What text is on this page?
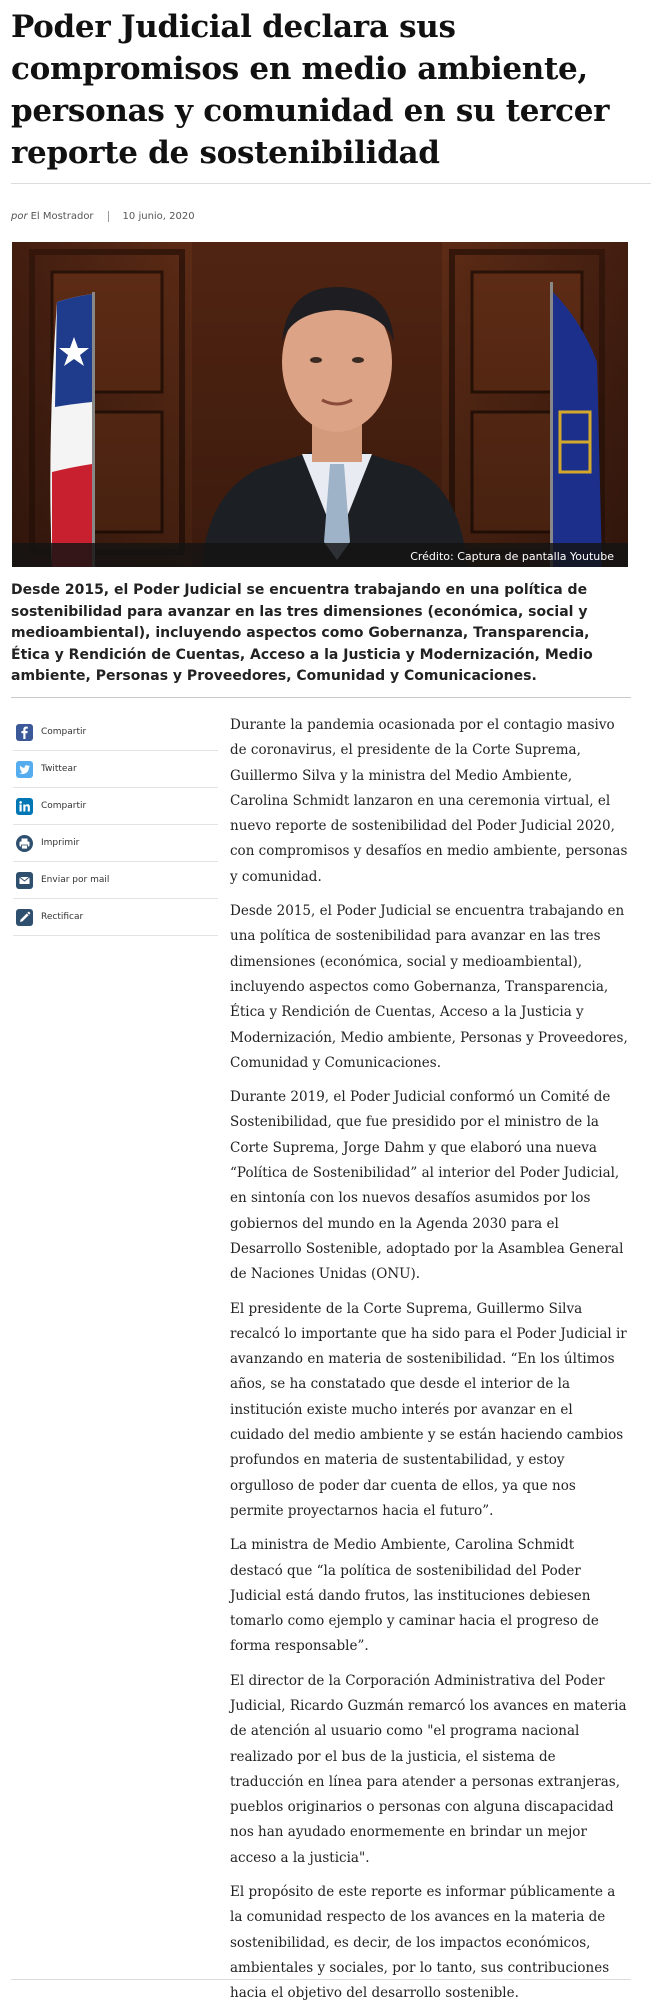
Poder Judicial declara sus compromisos en medio ambiente, personas y comunidad en su tercer reporte de sostenibilidad
por El Mostrador	10 junio, 2020
Crédito: Captura de pantalla Youtube

Desde 2015, el Poder Judicial se encuentra trabajando en una política de sostenibilidad para avanzar en las tres dimensiones (económica, social y medioambiental), incluyendo aspectos como Gobernanza, Transparencia, Ética y Rendición de Cuentas, Acceso a la Justicia y Modernización, Medio ambiente, Personas y Proveedores, Comunidad y Comunicaciones.

Compartir
Twittear
Compartir
Imprimir
Enviar por mail
Rectificar

Durante la pandemia ocasionada por el contagio masivo de coronavirus, el presidente de la Corte Suprema, Guillermo Silva y la ministra del Medio Ambiente, Carolina Schmidt lanzaron en una ceremonia virtual, el nuevo reporte de sostenibilidad del Poder Judicial 2020, con compromisos y desafíos en medio ambiente, personas y comunidad.

Desde 2015, el Poder Judicial se encuentra trabajando en una política de sostenibilidad para avanzar en las tres dimensiones (económica, social y medioambiental), incluyendo aspectos como Gobernanza, Transparencia, Ética y Rendición de Cuentas, Acceso a la Justicia y Modernización, Medio ambiente, Personas y Proveedores, Comunidad y Comunicaciones.

Durante 2019, el Poder Judicial conformó un Comité de Sostenibilidad, que fue presidido por el ministro de la Corte Suprema, Jorge Dahm y que elaboró una nueva “Política de Sostenibilidad” al interior del Poder Judicial, en sintonía con los nuevos desafíos asumidos por los gobiernos del mundo en la Agenda 2030 para el Desarrollo Sostenible, adoptado por la Asamblea General de Naciones Unidas (ONU).

El presidente de la Corte Suprema, Guillermo Silva recalcó lo importante que ha sido para el Poder Judicial ir avanzando en materia de sostenibilidad. “En los últimos años, se ha constatado que desde el interior de la institución existe mucho interés por avanzar en el cuidado del medio ambiente y se están haciendo cambios profundos en materia de sustentabilidad, y estoy orgulloso de poder dar cuenta de ellos, ya que nos permite proyectarnos hacia el futuro”.

La ministra de Medio Ambiente, Carolina Schmidt destacó que “la política de sostenibilidad del Poder Judicial está dando frutos, las instituciones debiesen tomarlo como ejemplo y caminar hacia el progreso de forma responsable”.

El director de la Corporación Administrativa del Poder Judicial, Ricardo Guzmán remarcó los avances en materia de atención al usuario como "el programa nacional realizado por el bus de la justicia, el sistema de traducción en línea para atender a personas extranjeras, pueblos originarios o personas con alguna discapacidad nos han ayudado enormemente en brindar un mejor acceso a la justicia".

El propósito de este reporte es informar públicamente a la comunidad respecto de los avances en la materia de sostenibilidad, es decir, de los impactos económicos, ambientales y sociales, por lo tanto, sus contribuciones hacia el objetivo del desarrollo sostenible.
